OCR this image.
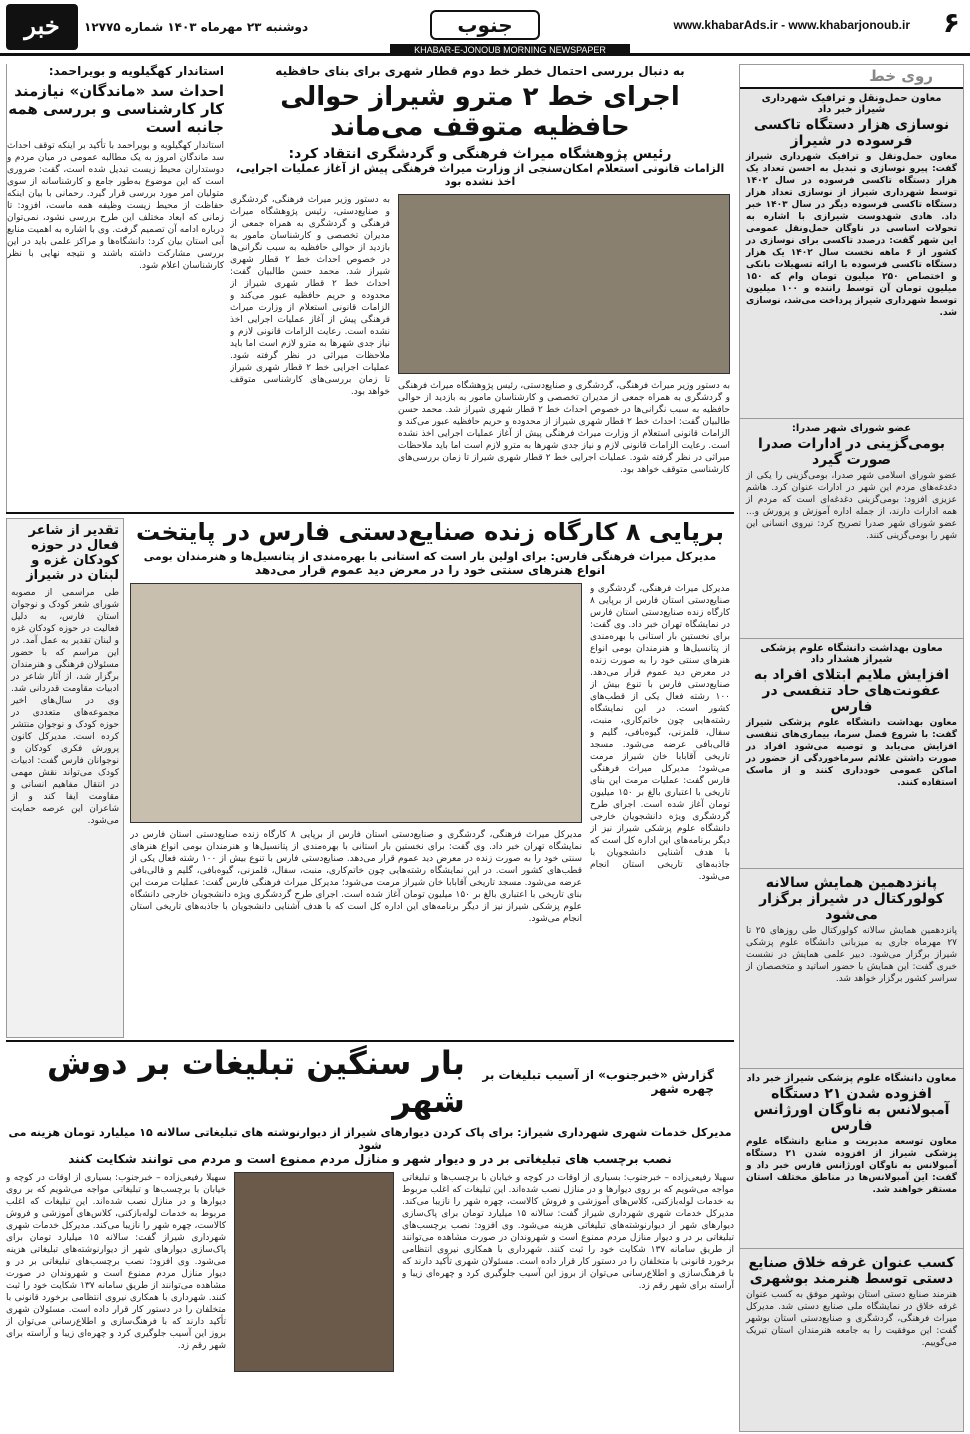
۶
www.khabarAds.ir - www.khabarjonoub.ir
جنوب
دوشنبه ۲۳ مهرماه ۱۴۰۳ شماره ۱۲۷۷۵
خبر
KHABAR-E-JONOUB MORNING NEWSPAPER
روی خط
معاون حمل‌ونقل و ترافیک شهرداری شیراز خبر داد
نوسازی هزار دستگاه تاکسی فرسوده در شیراز
معاون حمل‌ونقل و ترافیک شهرداری شیراز گفت: پیرو نوسازی و تبدیل به احسن تعداد یک هزار دستگاه تاکسی فرسوده در سال ۱۴۰۲ توسط شهرداری شیراز از نوسازی تعداد هزار دستگاه تاکسی فرسوده دیگر در سال ۱۴۰۳ خبر داد. هادی شهدوست شیرازی با اشاره به تحولات اساسی در ناوگان حمل‌ونقل عمومی این شهر گفت: درصدد تاکسی برای نوسازی در کشور از ۶ ماهه نخست سال ۱۴۰۲ یک هزار دستگاه تاکسی فرسوده با ارائه تسهیلات بانکی و اختصاص ۲۵۰ میلیون تومان وام که ۱۵۰ میلیون تومان آن توسط راننده و ۱۰۰ میلیون توسط شهرداری شیراز پرداخت می‌شد، نوسازی شد.
عضو شورای شهر صدرا:
بومی‌گزینی در ادارات صدرا صورت گیرد
عضو شورای اسلامی شهر صدرا، بومی‌گزینی را یکی از دغدغه‌های مردم این شهر در ادارات عنوان کرد. هاشم عزیزی افزود: بومی‌گزینی دغدغه‌ای است که مردم از همه ادارات دارند، از جمله اداره آموزش و پرورش و... عضو شورای شهر صدرا تصریح کرد: نیروی انسانی این شهر را بومی‌گزینی کنند.
معاون بهداشت دانشگاه علوم پزشکی شیراز هشدار داد
افزایش ملایم ابتلای افراد به عفونت‌های حاد تنفسی در فارس
معاون بهداشت دانشگاه علوم پزشکی شیراز گفت: با شروع فصل سرما، بیماری‌های تنفسی افزایش می‌یابد و توصیه می‌شود افراد در صورت داشتن علائم سرماخوردگی از حضور در اماکن عمومی خودداری کنند و از ماسک استفاده کنند.
پانزدهمین همایش سالانه کولورکتال در شیراز برگزار می‌شود
پانزدهمین همایش سالانه کولورکتال طی روزهای ۲۵ تا ۲۷ مهرماه جاری به میزبانی دانشگاه علوم پزشکی شیراز برگزار می‌شود. دبیر علمی همایش در نشست خبری گفت: این همایش با حضور اساتید و متخصصان از سراسر کشور برگزار خواهد شد.
معاون دانشگاه علوم پزشکی شیراز خبر داد
افزوده شدن ۲۱ دستگاه آمبولانس به ناوگان اورژانس فارس
معاون توسعه مدیریت و منابع دانشگاه علوم پزشکی شیراز از افزوده شدن ۲۱ دستگاه آمبولانس به ناوگان اورژانس فارس خبر داد و گفت: این آمبولانس‌ها در مناطق مختلف استان مستقر خواهند شد.
کسب عنوان غرفه خلاق صنایع دستی توسط هنرمند بوشهری
هنرمند صنایع دستی استان بوشهر موفق به کسب عنوان غرفه خلاق در نمایشگاه ملی صنایع دستی شد. مدیرکل میراث فرهنگی، گردشگری و صنایع‌دستی استان بوشهر گفت: این موفقیت را به جامعه هنرمندان استان تبریک می‌گوییم.
به دنبال بررسی احتمال خطر خط دوم قطار شهری برای بنای حافظیه
اجرای خط ۲ مترو شیراز حوالی حافظیه متوقف می‌ماند
رئیس پژوهشگاه میراث فرهنگی و گردشگری انتقاد کرد:
الزامات قانونی استعلام امکان‌سنجی از وزارت میراث فرهنگی پیش از آغاز عملیات اجرایی، اخذ نشده بود
به دستور وزیر میراث فرهنگی، گردشگری و صنایع‌دستی، رئیس پژوهشگاه میراث فرهنگی و گردشگری به همراه جمعی از مدیران تخصصی و کارشناسان مامور به بازدید از حوالی حافظیه به سبب نگرانی‌ها در خصوص احداث خط ۲ قطار شهری شیراز شد. محمد حسن طالبیان گفت: احداث خط ۲ قطار شهری شیراز از محدوده و حریم حافظیه عبور می‌کند و الزامات قانونی استعلام از وزارت میراث فرهنگی پیش از آغاز عملیات اجرایی اخذ نشده است. رعایت الزامات قانونی لازم و نیاز جدی شهرها به مترو لازم است اما باید ملاحظات میراثی در نظر گرفته شود. عملیات اجرایی خط ۲ قطار شهری شیراز تا زمان بررسی‌های کارشناسی متوقف خواهد بود.
به دستور وزیر میراث فرهنگی، گردشگری و صنایع‌دستی، رئیس پژوهشگاه میراث فرهنگی و گردشگری به همراه جمعی از مدیران تخصصی و کارشناسان مامور به بازدید از حوالی حافظیه به سبب نگرانی‌ها در خصوص احداث خط ۲ قطار شهری شیراز شد. محمد حسن طالبیان گفت: احداث خط ۲ قطار شهری شیراز از محدوده و حریم حافظیه عبور می‌کند و الزامات قانونی استعلام از وزارت میراث فرهنگی پیش از آغاز عملیات اجرایی اخذ نشده است. رعایت الزامات قانونی لازم و نیاز جدی شهرها به مترو لازم است اما باید ملاحظات میراثی در نظر گرفته شود. عملیات اجرایی خط ۲ قطار شهری شیراز تا زمان بررسی‌های کارشناسی متوقف خواهد بود.
استاندار کهگیلویه و بویراحمد:
احداث سد «ماندگان» نیازمند کار کارشناسی و بررسی همه جانبه است
استاندار کهگیلویه و بویراحمد با تأکید بر اینکه توقف احداث سد ماندگان امروز به یک مطالبه عمومی در میان مردم و دوستداران محیط زیست تبدیل شده است، گفت: ضروری است که این موضوع به‌طور جامع و کارشناسانه از سوی متولیان امر مورد بررسی قرار گیرد. رحمانی با بیان اینکه حفاظت از محیط زیست وظیفه همه ماست، افزود: تا زمانی که ابعاد مختلف این طرح بررسی نشود، نمی‌توان درباره ادامه آن تصمیم گرفت. وی با اشاره به اهمیت منابع آبی استان بیان کرد: دانشگاه‌ها و مراکز علمی باید در این بررسی مشارکت داشته باشند و نتیجه نهایی با نظر کارشناسان اعلام شود.
برپایی ۸ کارگاه زنده صنایع‌دستی فارس در پایتخت
مدیرکل میراث فرهنگی فارس: برای اولین بار است که استانی با بهره‌مندی از پتانسیل‌ها و هنرمندان بومی
انواع هنرهای سنتی خود را در معرض دید عموم قرار می‌دهد
مدیرکل میراث فرهنگی، گردشگری و صنایع‌دستی استان فارس از برپایی ۸ کارگاه زنده صنایع‌دستی استان فارس در نمایشگاه تهران خبر داد. وی گفت: برای نخستین بار استانی با بهره‌مندی از پتانسیل‌ها و هنرمندان بومی انواع هنرهای سنتی خود را به صورت زنده در معرض دید عموم قرار می‌دهد. صنایع‌دستی فارس با تنوع بیش از ۱۰۰ رشته فعال یکی از قطب‌های کشور است. در این نمایشگاه رشته‌هایی چون خاتم‌کاری، منبت، سفال، قلمزنی، گیوه‌بافی، گلیم و قالی‌بافی عرضه می‌شود. مسجد تاریخی آقابابا خان شیراز مرمت می‌شود؛ مدیرکل میراث فرهنگی فارس گفت: عملیات مرمت این بنای تاریخی با اعتباری بالغ بر ۱۵۰ میلیون تومان آغاز شده است. اجرای طرح گردشگری ویژه دانشجویان خارجی دانشگاه علوم پزشکی شیراز نیز از دیگر برنامه‌های این اداره کل است که با هدف آشنایی دانشجویان با جاذبه‌های تاریخی استان انجام می‌شود.
مدیرکل میراث فرهنگی، گردشگری و صنایع‌دستی استان فارس از برپایی ۸ کارگاه زنده صنایع‌دستی استان فارس در نمایشگاه تهران خبر داد. وی گفت: برای نخستین بار استانی با بهره‌مندی از پتانسیل‌ها و هنرمندان بومی انواع هنرهای سنتی خود را به صورت زنده در معرض دید عموم قرار می‌دهد. صنایع‌دستی فارس با تنوع بیش از ۱۰۰ رشته فعال یکی از قطب‌های کشور است. در این نمایشگاه رشته‌هایی چون خاتم‌کاری، منبت، سفال، قلمزنی، گیوه‌بافی، گلیم و قالی‌بافی عرضه می‌شود. مسجد تاریخی آقابابا خان شیراز مرمت می‌شود؛ مدیرکل میراث فرهنگی فارس گفت: عملیات مرمت این بنای تاریخی با اعتباری بالغ بر ۱۵۰ میلیون تومان آغاز شده است. اجرای طرح گردشگری ویژه دانشجویان خارجی دانشگاه علوم پزشکی شیراز نیز از دیگر برنامه‌های این اداره کل است که با هدف آشنایی دانشجویان با جاذبه‌های تاریخی استان انجام می‌شود.
تقدیر از شاعر فعال در حوزه کودکان غزه و لبنان در شیراز
طی مراسمی از مصوبه شورای شعر کودک و نوجوان استان فارس، به دلیل فعالیت در حوزه کودکان غزه و لبنان تقدیر به عمل آمد. در این مراسم که با حضور مسئولان فرهنگی و هنرمندان برگزار شد، از آثار شاعر در ادبیات مقاومت قدردانی شد. وی در سال‌های اخیر مجموعه‌های متعددی در حوزه کودک و نوجوان منتشر کرده است. مدیرکل کانون پرورش فکری کودکان و نوجوانان فارس گفت: ادبیات کودک می‌تواند نقش مهمی در انتقال مفاهیم انسانی و مقاومت ایفا کند و از شاعران این عرصه حمایت می‌شود.
گزارش «خبرجنوب» از آسیب تبلیغات بر چهره شهر
بار سنگین تبلیغات بر دوش شهر
مدیرکل خدمات شهری شهرداری شیراز: برای پاک کردن دیوارهای شیراز از دیوارنوشته های تبلیغاتی سالانه ۱۵ میلیارد تومان هزینه می شود
نصب برچسب های تبلیغاتی بر در و دیوار شهر و منازل مردم ممنوع است و مردم می توانند شکایت کنند
سهیلا رفیعی‌زاده – خبرجنوب: بسیاری از اوقات در کوچه و خیابان با برچسب‌ها و تبلیغاتی مواجه می‌شویم که بر روی دیوارها و در منازل نصب شده‌اند. این تبلیغات که اغلب مربوط به خدمات لوله‌بازکنی، کلاس‌های آموزشی و فروش کالاست، چهره شهر را نازیبا می‌کند. مدیرکل خدمات شهری شهرداری شیراز گفت: سالانه ۱۵ میلیارد تومان برای پاک‌سازی دیوارهای شهر از دیوارنوشته‌های تبلیغاتی هزینه می‌شود. وی افزود: نصب برچسب‌های تبلیغاتی بر در و دیوار منازل مردم ممنوع است و شهروندان در صورت مشاهده می‌توانند از طریق سامانه ۱۳۷ شکایت خود را ثبت کنند. شهرداری با همکاری نیروی انتظامی برخورد قانونی با متخلفان را در دستور کار قرار داده است. مسئولان شهری تأکید دارند که با فرهنگ‌سازی و اطلاع‌رسانی می‌توان از بروز این آسیب جلوگیری کرد و چهره‌ای زیبا و آراسته برای شهر رقم زد.
سهیلا رفیعی‌زاده – خبرجنوب: بسیاری از اوقات در کوچه و خیابان با برچسب‌ها و تبلیغاتی مواجه می‌شویم که بر روی دیوارها و در منازل نصب شده‌اند. این تبلیغات که اغلب مربوط به خدمات لوله‌بازکنی، کلاس‌های آموزشی و فروش کالاست، چهره شهر را نازیبا می‌کند. مدیرکل خدمات شهری شهرداری شیراز گفت: سالانه ۱۵ میلیارد تومان برای پاک‌سازی دیوارهای شهر از دیوارنوشته‌های تبلیغاتی هزینه می‌شود. وی افزود: نصب برچسب‌های تبلیغاتی بر در و دیوار منازل مردم ممنوع است و شهروندان در صورت مشاهده می‌توانند از طریق سامانه ۱۳۷ شکایت خود را ثبت کنند. شهرداری با همکاری نیروی انتظامی برخورد قانونی با متخلفان را در دستور کار قرار داده است. مسئولان شهری تأکید دارند که با فرهنگ‌سازی و اطلاع‌رسانی می‌توان از بروز این آسیب جلوگیری کرد و چهره‌ای زیبا و آراسته برای شهر رقم زد.
